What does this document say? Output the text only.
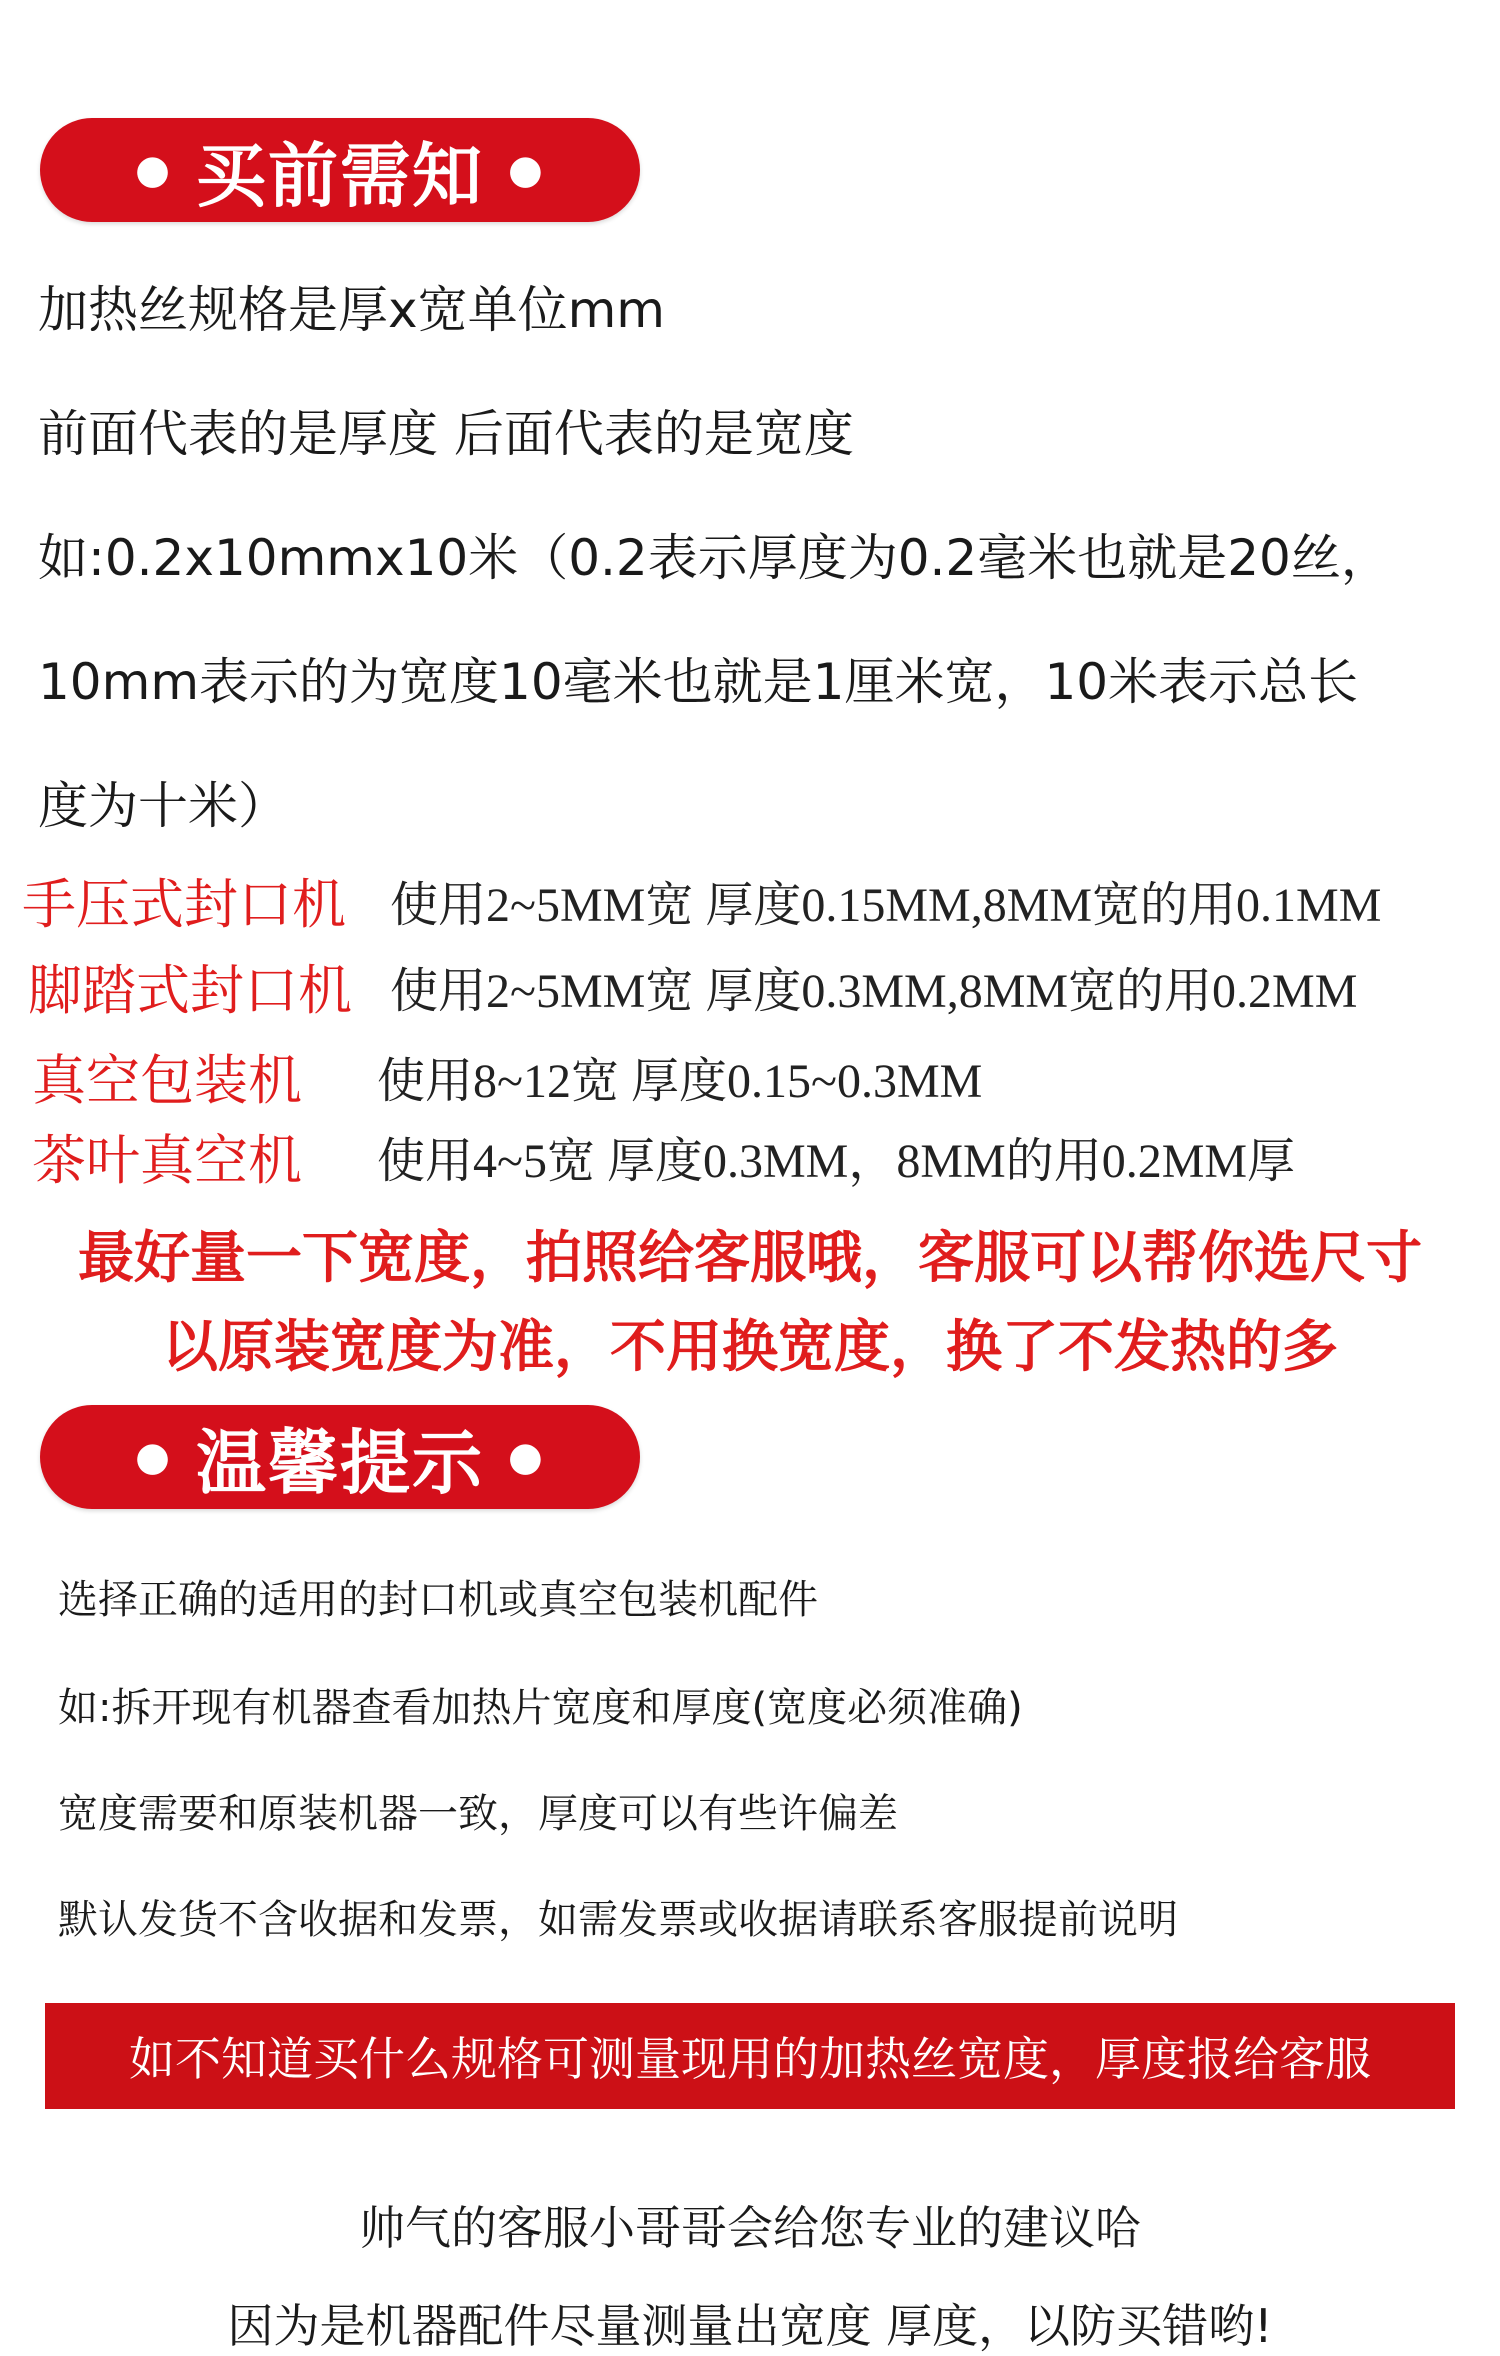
● 买前需知 ●
加热丝规格是厚x宽单位mm
前面代表的是厚度 后面代表的是宽度
如:0.2x10mmx10米（0.2表示厚度为0.2毫米也就是20丝，
10mm表示的为宽度10毫米也就是1厘米宽，10米表示总长
度为十米）
手压式封口机 使用2~5MM宽 厚度0.15MM,8MM宽的用0.1MM
脚踏式封口机 使用2~5MM宽 厚度0.3MM,8MM宽的用0.2MM
真空包装机 使用8~12宽 厚度0.15~0.3MM
茶叶真空机 使用4~5宽 厚度0.3MM，8MM的用0.2MM厚
最好量一下宽度，拍照给客服哦，客服可以帮你选尺寸
以原装宽度为准，不用换宽度，换了不发热的多
● 温馨提示 ●
选择正确的适用的封口机或真空包装机配件
如:拆开现有机器查看加热片宽度和厚度(宽度必须准确)
宽度需要和原装机器一致，厚度可以有些许偏差
默认发货不含收据和发票，如需发票或收据请联系客服提前说明
如不知道买什么规格可测量现用的加热丝宽度，厚度报给客服
帅气的客服小哥哥会给您专业的建议哈
因为是机器配件尽量测量出宽度 厚度，以防买错哟!
